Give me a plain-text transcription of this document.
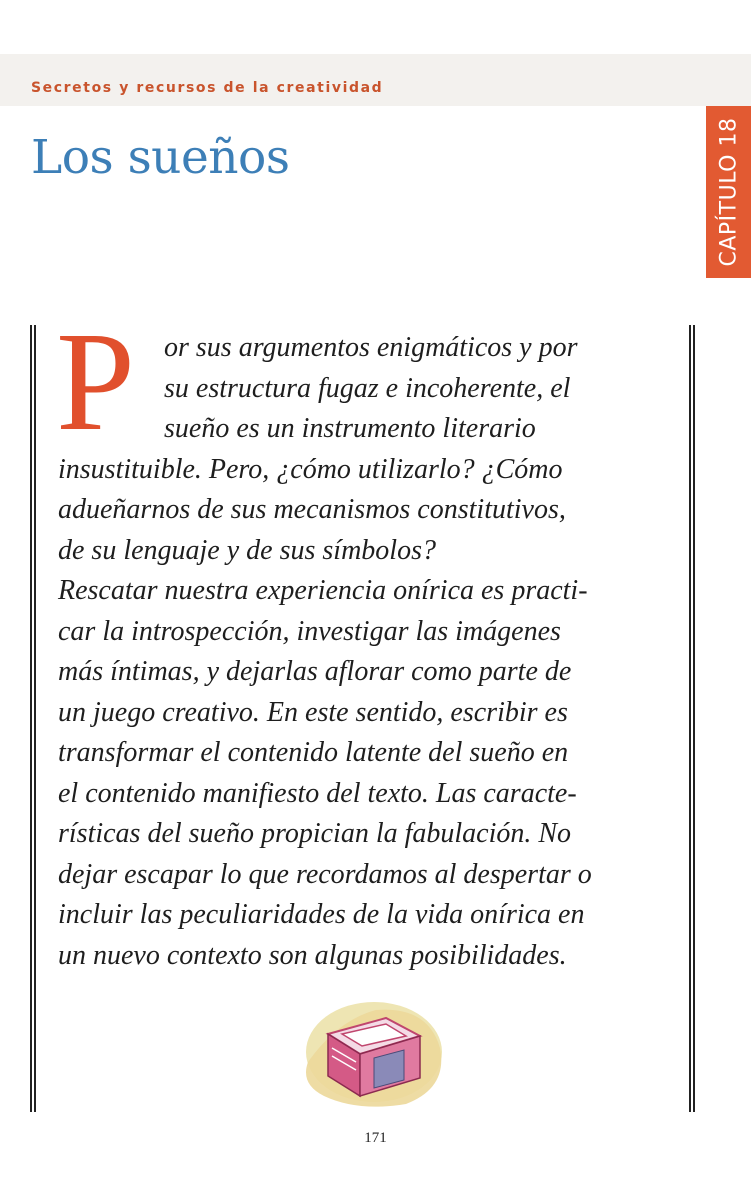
Secretos y recursos de la creatividad
Los sueños	CAPÍTULO 18
P	or sus argumentos enigmáticos y por
su estructura fugaz e incoherente, el
sueño es un instrumento literario
insustituible. Pero, ¿cómo utilizarlo? ¿Cómo
adueñarnos de sus mecanismos constitutivos,
de su lenguaje y de sus símbolos?
Rescatar nuestra experiencia onírica es practi-
car la introspección, investigar las imágenes
más íntimas, y dejarlas aflorar como parte de
un juego creativo. En este sentido, escribir es
transformar el contenido latente del sueño en
el contenido manifiesto del texto. Las caracte-
rísticas del sueño propician la fabulación. No
dejar escapar lo que recordamos al despertar o
incluir las peculiaridades de la vida onírica en
un nuevo contexto son algunas posibilidades.
171
